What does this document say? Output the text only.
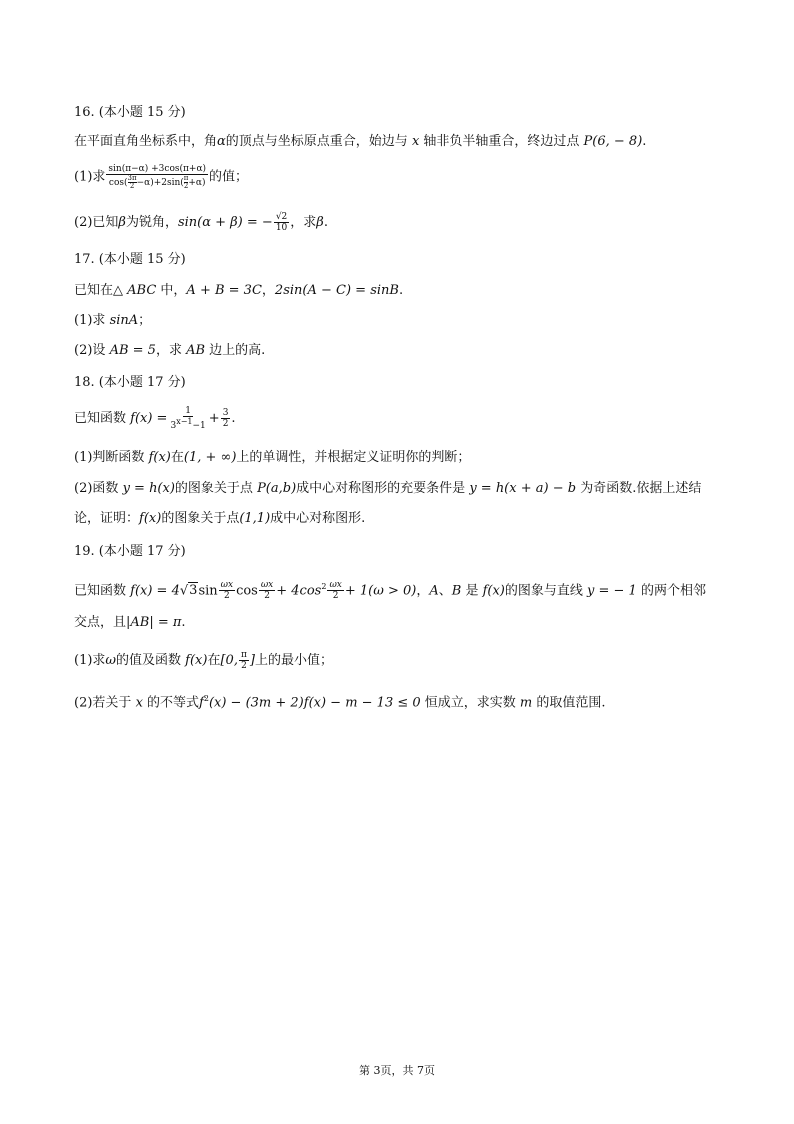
16. (本小题 15 分)
在平面直角坐标系中，角α的顶点与坐标原点重合，始边与 x 轴非负半轴重合，终边过点 P(6, − 8).
(1)求 $\frac{\sin(\pi-\alpha) +3\cos(\pi+\alpha)}{\cos( \frac{3\pi}{2} -\alpha)+2\sin( \frac{\pi}{2} +\alpha)}$ 的值；
(2)已知β为锐角，sin(α + β) = − $\frac{√2}{10}$ ，求β.
17. (本小题 15 分)
已知在△ ABC 中，A + B = 3C，2sin(A − C) = sinB.
(1)求 sinA；
(2)设 AB = 5，求 AB 边上的高.
18. (本小题 17 分)
已知函数 $f(x) = \frac{1}{3^{x-1}-1} + \frac{3}{2}$ .
(1)判断函数 f(x)在(1, + ∞)上的单调性，并根据定义证明你的判断；
(2)函数 y = h(x)的图象关于点 P(a,b)成中心对称图形的充要条件是 y = h(x + a) − b 为奇函数.依据上述结
论，证明：f(x)的图象关于点(1,1)成中心对称图形.
19. (本小题 17 分)
已知函数 $f(x) = 4√3\sin \frac{\omega x}{2}$ $\cos \frac{\omega x}{2} + 4\cos^2 \frac{\omega x}{2} + 1(\omega > 0)$，A、B 是 f(x)的图象与直线 y = − 1 的两个相邻
交点，且|AB| = π.
(1)求ω的值及函数 f(x)在[0, $\frac{\pi}{2}$ ]上的最小值；
(2)若关于 x 的不等式$f^2(x) - (3m + 2)f(x) - m - 13 \le 0$ 恒成立，求实数 m 的取值范围.
第 3页，共 7页
